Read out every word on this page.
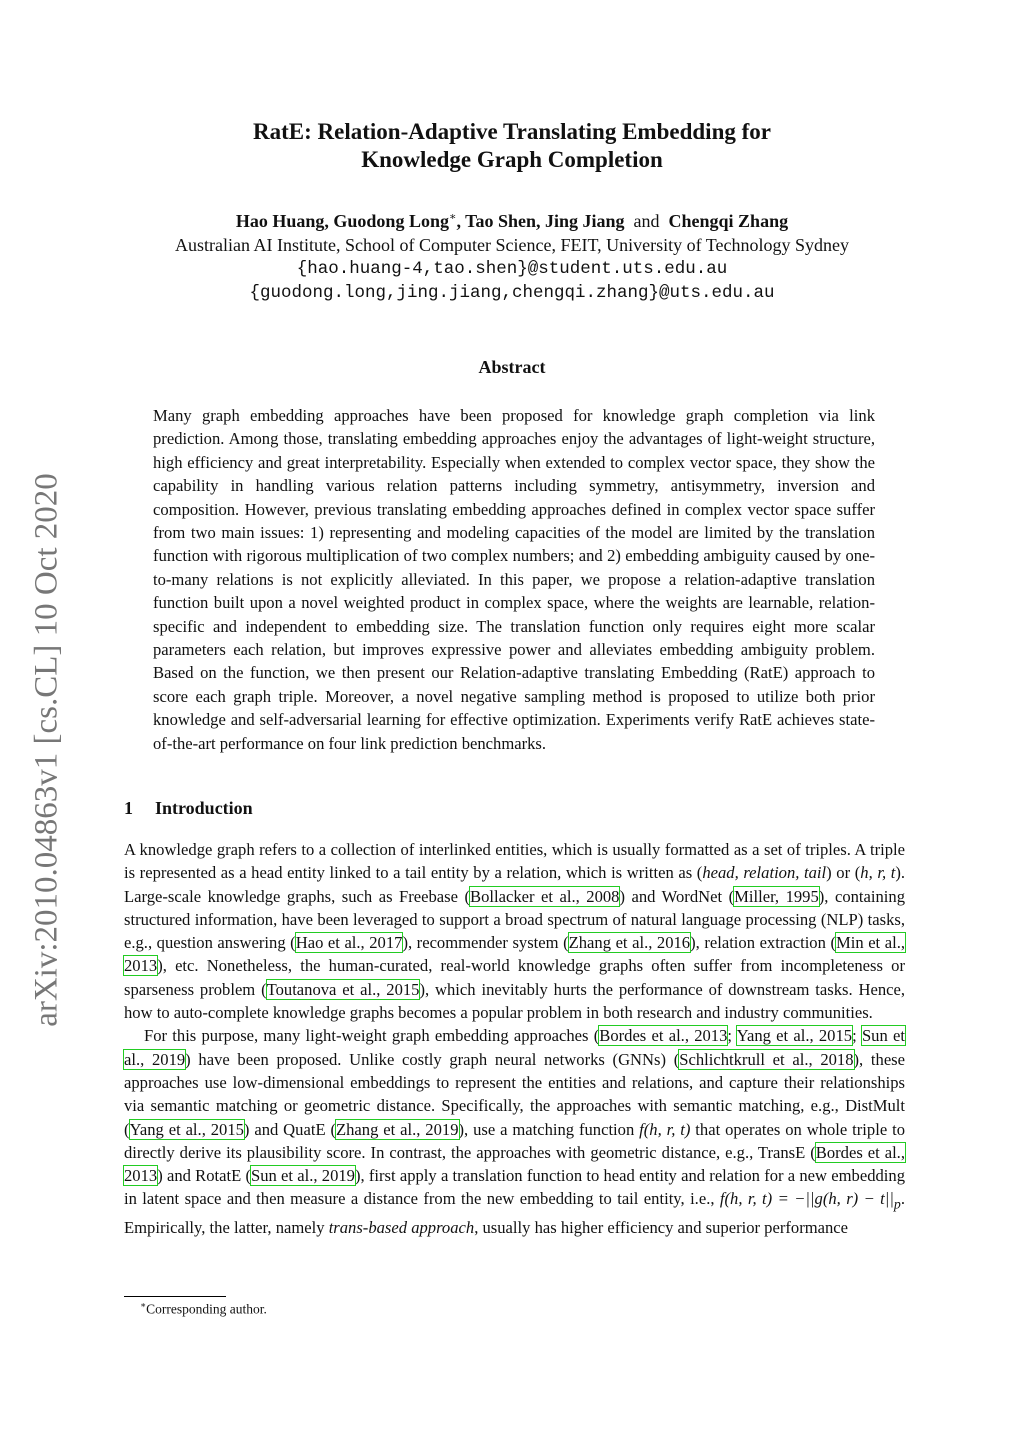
arXiv:2010.04863v1 [cs.CL] 10 Oct 2020
RatE: Relation-Adaptive Translating Embedding for
Knowledge Graph Completion
Hao Huang, Guodong Long∗, Tao Shen, Jing Jiang and Chengqi Zhang
Australian AI Institute, School of Computer Science, FEIT, University of Technology Sydney
{hao.huang-4,tao.shen}@student.uts.edu.au
{guodong.long,jing.jiang,chengqi.zhang}@uts.edu.au
Abstract

Many graph embedding approaches have been proposed for knowledge graph completion via link prediction. Among those, translating embedding approaches enjoy the advantages of light-weight structure, high efficiency and great interpretability. Especially when extended to complex vector space, they show the capability in handling various relation patterns including symmetry, antisymmetry, inversion and composition. However, previous translating embedding approaches defined in complex vector space suffer from two main issues: 1) representing and modeling capacities of the model are limited by the translation function with rigorous multiplication of two complex numbers; and 2) embedding ambiguity caused by one-to-many relations is not explicitly alleviated. In this paper, we propose a relation-adaptive translation function built upon a novel weighted product in complex space, where the weights are learnable, relation-specific and independent to embedding size. The translation function only requires eight more scalar parameters each relation, but improves expressive power and alleviates embedding ambiguity problem. Based on the function, we then present our Relation-adaptive translating Embedding (RatE) approach to score each graph triple. Moreover, a novel negative sampling method is proposed to utilize both prior knowledge and self-adversarial learning for effective optimization. Experiments verify RatE achieves state-of-the-art performance on four link prediction benchmarks.

1 Introduction

A knowledge graph refers to a collection of interlinked entities, which is usually formatted as a set of triples. A triple is represented as a head entity linked to a tail entity by a relation, which is written as (head, relation, tail) or (h, r, t). Large-scale knowledge graphs, such as Freebase (Bollacker et al., 2008) and WordNet (Miller, 1995), containing structured information, have been leveraged to support a broad spectrum of natural language processing (NLP) tasks, e.g., question answering (Hao et al., 2017), recommender system (Zhang et al., 2016), relation extraction (Min et al., 2013), etc. Nonetheless, the human-curated, real-world knowledge graphs often suffer from incompleteness or sparseness problem (Toutanova et al., 2015), which inevitably hurts the performance of downstream tasks. Hence, how to auto-complete knowledge graphs becomes a popular problem in both research and industry communities.

For this purpose, many light-weight graph embedding approaches (Bordes et al., 2013; Yang et al., 2015; Sun et al., 2019) have been proposed. Unlike costly graph neural networks (GNNs) (Schlichtkrull et al., 2018), these approaches use low-dimensional embeddings to represent the entities and relations, and capture their relationships via semantic matching or geometric distance. Specifically, the approaches with semantic matching, e.g., DistMult (Yang et al., 2015) and QuatE (Zhang et al., 2019), use a matching function f(h, r, t) that operates on whole triple to directly derive its plausibility score. In contrast, the approaches with geometric distance, e.g., TransE (Bordes et al., 2013) and RotatE (Sun et al., 2019), first apply a translation function to head entity and relation for a new embedding in latent space and then measure a distance from the new embedding to tail entity, i.e., f(h, r, t) = −||g(h, $r) - t||_p$. Empirically, the latter, namely trans-based approach, usually has higher efficiency and superior performance

∗Corresponding author.
